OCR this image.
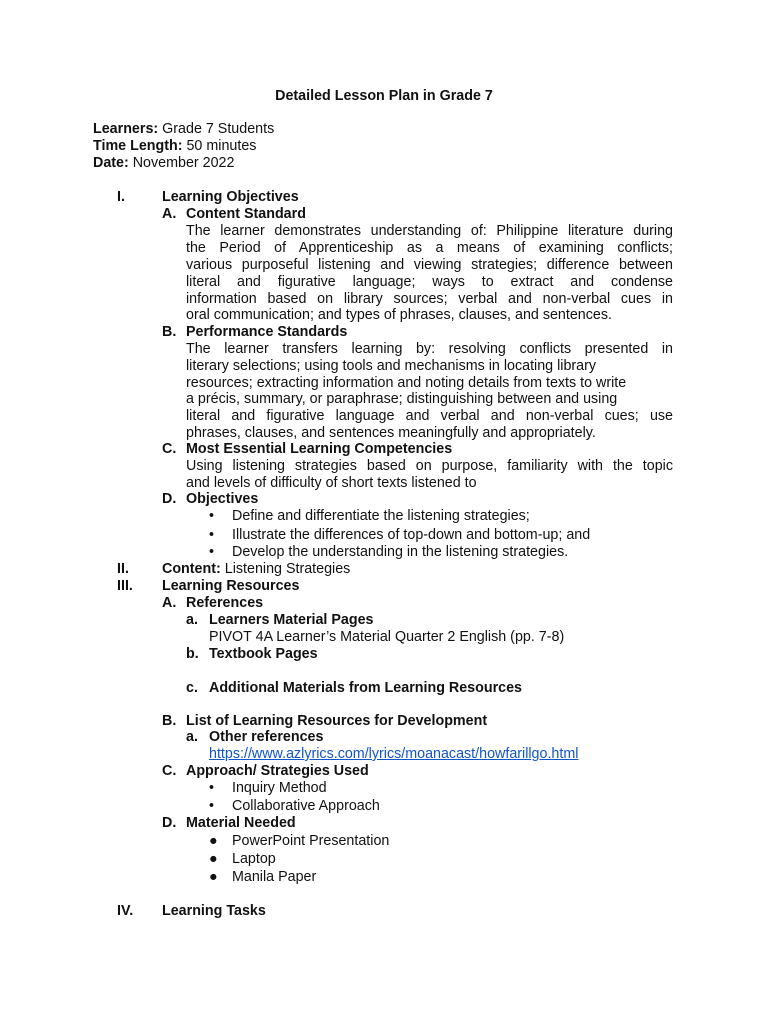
Detailed Lesson Plan in Grade 7
Learners: Grade 7 Students
Time Length: 50 minutes
Date: November 2022
I.	Learning Objectives
A. Content Standard
The learner demonstrates understanding of: Philippine literature during
the Period of Apprenticeship as a means of examining conflicts;
various purposeful listening and viewing strategies; difference between
literal and figurative language; ways to extract and condense
information based on library sources; verbal and non-verbal cues in
oral communication; and types of phrases, clauses, and sentences.
B. Performance Standards
The learner transfers learning by: resolving conflicts presented in
literary selections; using tools and mechanisms in locating library
resources; extracting information and noting details from texts to write
a précis, summary, or paraphrase; distinguishing between and using
literal and figurative language and verbal and non-verbal cues; use
phrases, clauses, and sentences meaningfully and appropriately.
C. Most Essential Learning Competencies
Using listening strategies based on purpose, familiarity with the topic
and levels of difficulty of short texts listened to
D. Objectives
• Define and differentiate the listening strategies;
• Illustrate the differences of top-down and bottom-up; and
• Develop the understanding in the listening strategies.
II. Content: Listening Strategies
III. Learning Resources
A. References
a. Learners Material Pages
PIVOT 4A Learner’s Material Quarter 2 English (pp. 7-8)
b. Textbook Pages
c. Additional Materials from Learning Resources
B. List of Learning Resources for Development
a. Other references
https://www.azlyrics.com/lyrics/moanacast/howfarillgo.html
C. Approach/ Strategies Used
• Inquiry Method
• Collaborative Approach
D. Material Needed
● PowerPoint Presentation
● Laptop
● Manila Paper
IV. Learning Tasks
